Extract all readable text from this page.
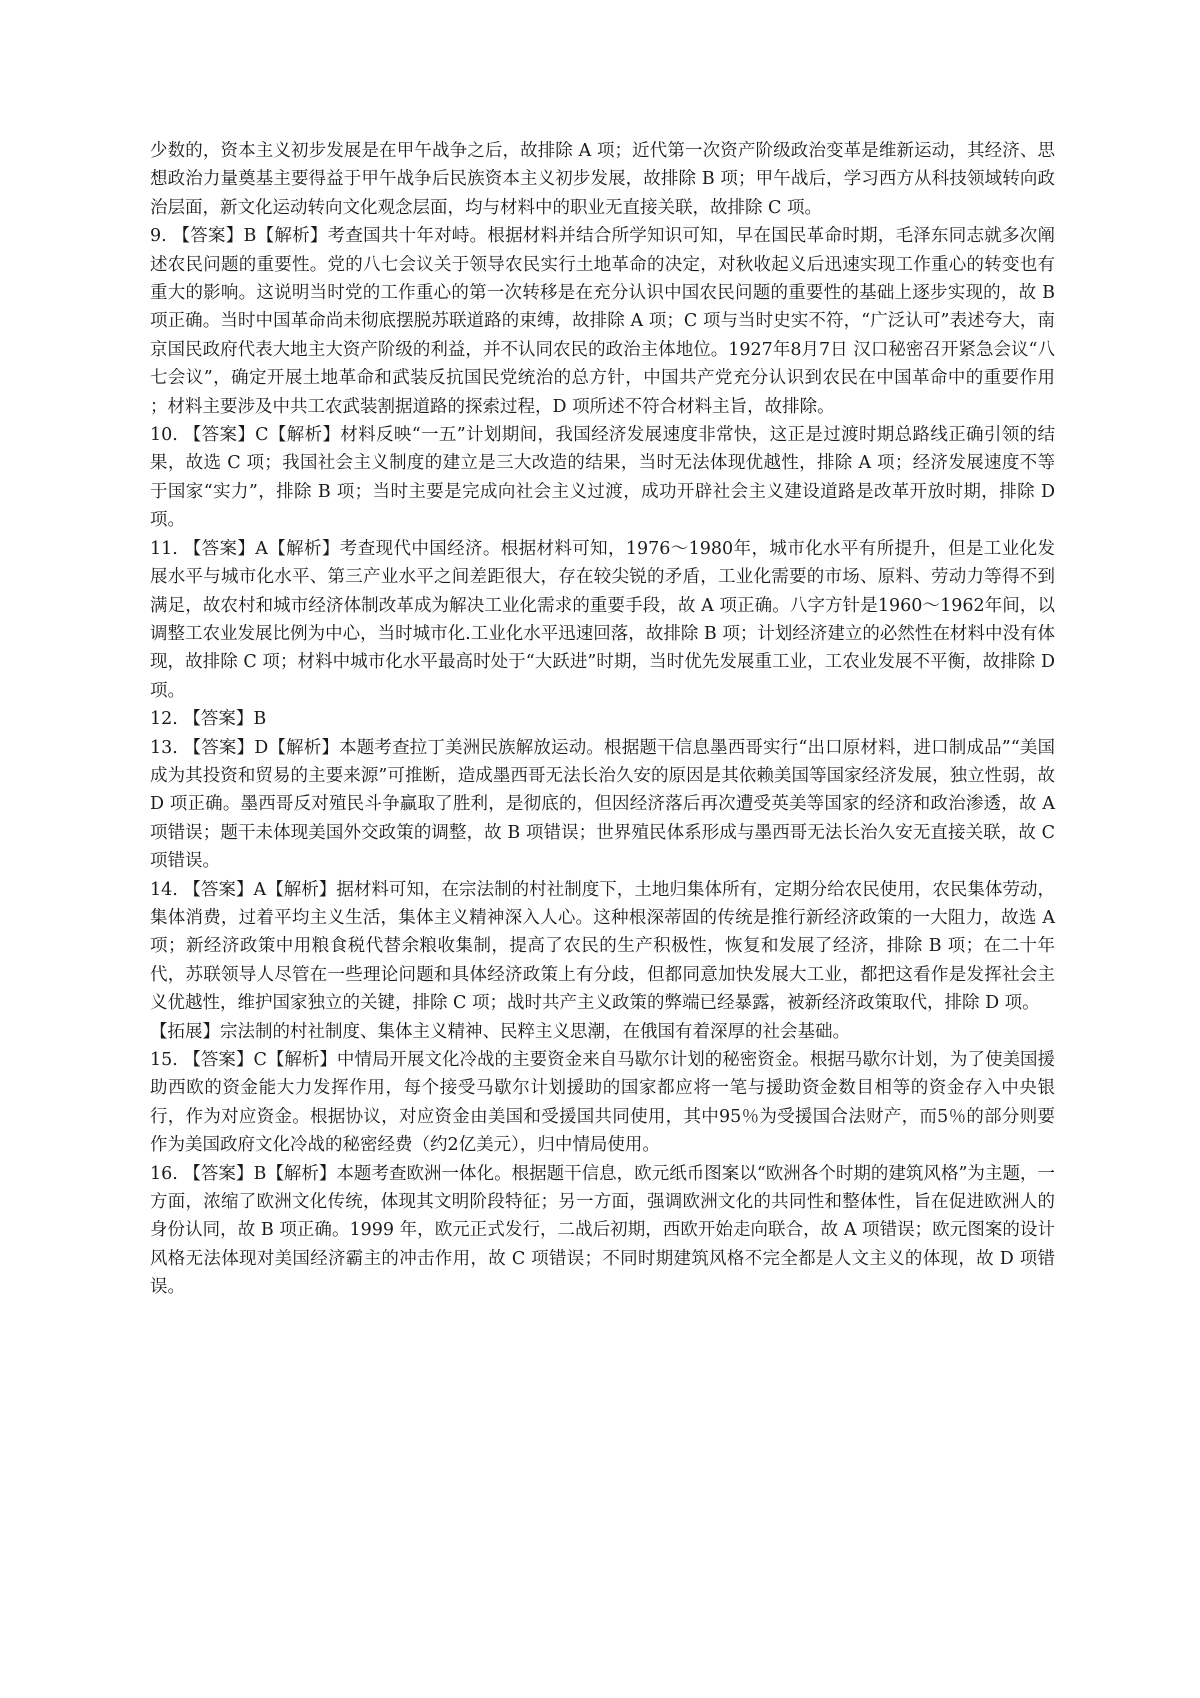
少数的，资本主义初步发展是在甲午战争之后，故排除 A 项；近代第一次资产阶级政治变革是维新运动，其经济、思想政治力量奠基主要得益于甲午战争后民族资本主义初步发展，故排除 B 项；甲午战后，学习西方从科技领域转向政治层面，新文化运动转向文化观念层面，均与材料中的职业无直接关联，故排除 C 项。

9. 【答案】B【解析】考查国共十年对峙。根据材料并结合所学知识可知，早在国民革命时期，毛泽东同志就多次阐述农民问题的重要性。党的八七会议关于领导农民实行土地革命的决定，对秋收起义后迅速实现工作重心的转变也有重大的影响。这说明当时党的工作重心的第一次转移是在充分认识中国农民问题的重要性的基础上逐步实现的，故 B 项正确。当时中国革命尚未彻底摆脱苏联道路的束缚，故排除 A 项；C 项与当时史实不符，“广泛认可”表述夸大，南京国民政府代表大地主大资产阶级的利益，并不认同农民的政治主体地位。1927年8月7日 汉口秘密召开紧急会议“八七会议”，确定开展土地革命和武装反抗国民党统治的总方针，中国共产党充分认识到农民在中国革命中的重要作用 ；材料主要涉及中共工农武装割据道路的探索过程，D 项所述不符合材料主旨，故排除。

10. 【答案】C【解析】材料反映“一五”计划期间，我国经济发展速度非常快，这正是过渡时期总路线正确引领的结果，故选 C 项；我国社会主义制度的建立是三大改造的结果，当时无法体现优越性，排除 A 项；经济发展速度不等于国家“实力”，排除 B 项；当时主要是完成向社会主义过渡，成功开辟社会主义建设道路是改革开放时期，排除 D 项。

11. 【答案】A【解析】考查现代中国经济。根据材料可知，1976～1980年，城市化水平有所提升，但是工业化发展水平与城市化水平、第三产业水平之间差距很大，存在较尖锐的矛盾，工业化需要的市场、原料、劳动力等得不到满足，故农村和城市经济体制改革成为解决工业化需求的重要手段，故 A 项正确。八字方针是1960～1962年间，以调整工农业发展比例为中心，当时城市化.工业化水平迅速回落，故排除 B 项；计划经济建立的必然性在材料中没有体现，故排除 C 项；材料中城市化水平最高时处于“大跃进”时期，当时优先发展重工业，工农业发展不平衡，故排除 D 项。

12. 【答案】B

13. 【答案】D【解析】本题考查拉丁美洲民族解放运动。根据题干信息墨西哥实行“出口原材料，进口制成品”“美国成为其投资和贸易的主要来源”可推断，造成墨西哥无法长治久安的原因是其依赖美国等国家经济发展，独立性弱，故 D 项正确。墨西哥反对殖民斗争赢取了胜利，是彻底的，但因经济落后再次遭受英美等国家的经济和政治渗透，故 A 项错误；题干未体现美国外交政策的调整，故 B 项错误；世界殖民体系形成与墨西哥无法长治久安无直接关联，故 C 项错误。

14. 【答案】A【解析】据材料可知，在宗法制的村社制度下，土地归集体所有，定期分给农民使用，农民集体劳动，集体消费，过着平均主义生活，集体主义精神深入人心。这种根深蒂固的传统是推行新经济政策的一大阻力，故选 A 项；新经济政策中用粮食税代替余粮收集制，提高了农民的生产积极性，恢复和发展了经济，排除 B 项；在二十年代，苏联领导人尽管在一些理论问题和具体经济政策上有分歧，但都同意加快发展大工业，都把这看作是发挥社会主义优越性，维护国家独立的关键，排除 C 项；战时共产主义政策的弊端已经暴露，被新经济政策取代，排除 D 项。

【拓展】宗法制的村社制度、集体主义精神、民粹主义思潮，在俄国有着深厚的社会基础。

15. 【答案】C【解析】中情局开展文化冷战的主要资金来自马歇尔计划的秘密资金。根据马歇尔计划，为了使美国援助西欧的资金能大力发挥作用，每个接受马歇尔计划援助的国家都应将一笔与援助资金数目相等的资金存入中央银行，作为对应资金。根据协议，对应资金由美国和受援国共同使用，其中95％为受援国合法财产，而5％的部分则要作为美国政府文化冷战的秘密经费（约2亿美元），归中情局使用。

16. 【答案】B【解析】本题考查欧洲一体化。根据题干信息，欧元纸币图案以“欧洲各个时期的建筑风格”为主题，一方面，浓缩了欧洲文化传统，体现其文明阶段特征；另一方面，强调欧洲文化的共同性和整体性，旨在促进欧洲人的身份认同，故 B 项正确。1999 年，欧元正式发行，二战后初期，西欧开始走向联合，故 A 项错误；欧元图案的设计风格无法体现对美国经济霸主的冲击作用，故 C 项错误；不同时期建筑风格不完全都是人文主义的体现，故 D 项错误。
